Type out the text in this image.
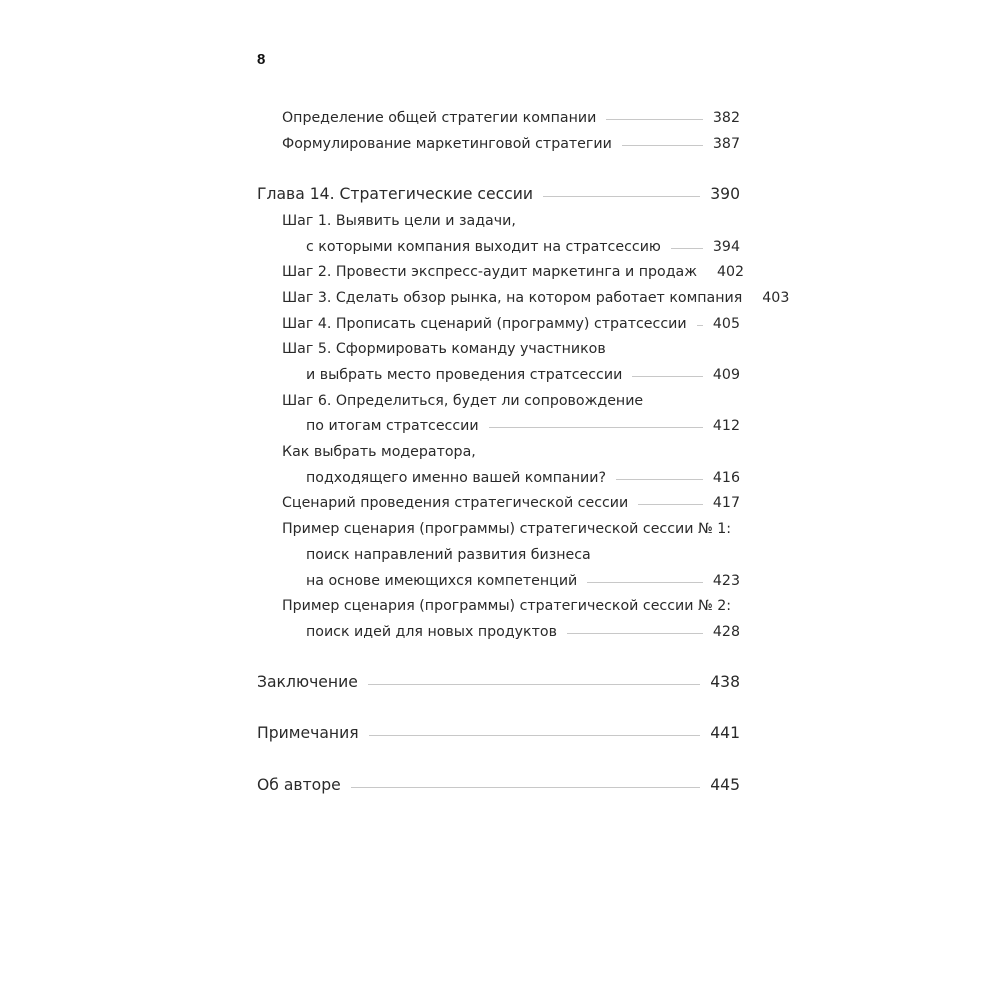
8
Определение общей стратегии компании	382
Формулирование маркетинговой стратегии	387
Глава 14. Стратегические сессии	390
Шаг 1. Выявить цели и задачи,
с которыми компания выходит на стратсессию	394
Шаг 2. Провести экспресс-аудит маркетинга и продаж 402
Шаг 3. Сделать обзор рынка, на котором работает компания 403
Шаг 4. Прописать сценарий (программу) стратсессии 405
Шаг 5. Сформировать команду участников
и выбрать место проведения стратсессии	409
Шаг 6. Определиться, будет ли сопровождение
по итогам стратсессии	412
Как выбрать модератора,
подходящего именно вашей компании?	416
Сценарий проведения стратегической сессии	417
Пример сценария (программы) стратегической сессии № 1:
поиск направлений развития бизнеса
на основе имеющихся компетенций	423
Пример сценария (программы) стратегической сессии № 2:
поиск идей для новых продуктов	428
Заключение	438
Примечания	441
Об авторе	445
